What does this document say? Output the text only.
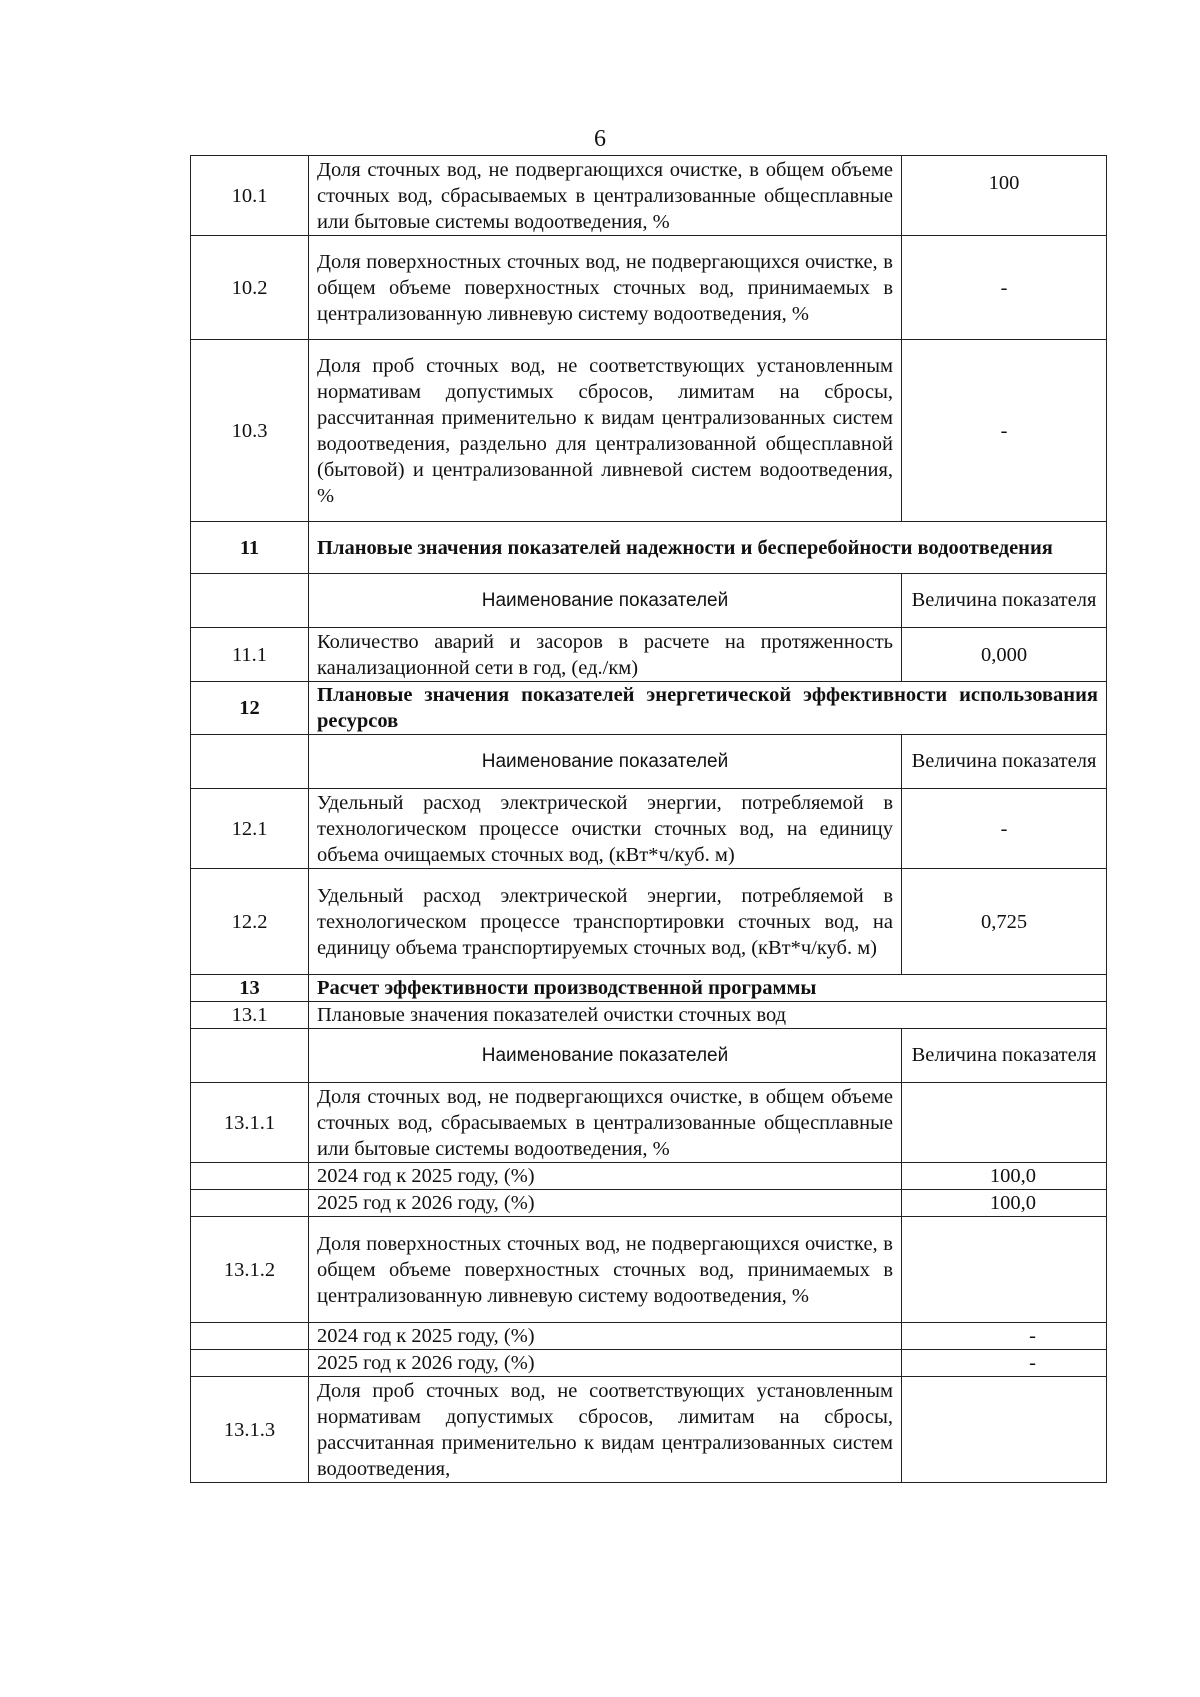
6
10.1	Доля сточных вод, не подвергающихся очистке, в общем объеме сточных вод, сбрасываемых в централизованные общесплавные или бытовые системы водоотведения, %	100
10.2	Доля поверхностных сточных вод, не подвергающихся очистке, в общем объеме поверхностных сточных вод, принимаемых в централизованную ливневую систему водоотведения, %	-
10.3	Доля проб сточных вод, не соответствующих установленным нормативам допустимых сбросов, лимитам на сбросы, рассчитанная применительно к видам централизованных систем водоотведения, раздельно для централизованной общесплавной (бытовой) и централизованной ливневой систем водоотведения, %	-
11	Плановые значения показателей надежности и бесперебойности водоотведения	
	Наименование показателей	Величина показателя
11.1	Количество аварий и засоров в расчете на протяженность канализационной сети в год, (ед./км)	0,000
12	Плановые значения показателей энергетической эффективности использования ресурсов	
	Наименование показателей	Величина показателя
12.1	Удельный расход электрической энергии, потребляемой в технологическом процессе очистки сточных вод, на единицу объема очищаемых сточных вод, (кВт*ч/куб. м)	-
12.2	Удельный расход электрической энергии, потребляемой в технологическом процессе транспортировки сточных вод, на единицу объема транспортируемых сточных вод, (кВт*ч/куб. м)	0,725
13	Расчет эффективности производственной программы	
13.1	Плановые значения показателей очистки сточных вод	
	Наименование показателей	Величина показателя
13.1.1	Доля сточных вод, не подвергающихся очистке, в общем объеме сточных вод, сбрасываемых в централизованные общесплавные или бытовые системы водоотведения, %	
	2024 год к 2025 году, (%)	100,0
	2025 год к 2026 году, (%)	100,0
13.1.2	Доля поверхностных сточных вод, не подвергающихся очистке, в общем объеме поверхностных сточных вод, принимаемых в централизованную ливневую систему водоотведения, %	
	2024 год к 2025 году, (%)	-
	2025 год к 2026 году, (%)	-
13.1.3	Доля проб сточных вод, не соответствующих установленным нормативам допустимых сбросов, лимитам на сбросы, рассчитанная применительно к видам централизованных систем водоотведения,	
